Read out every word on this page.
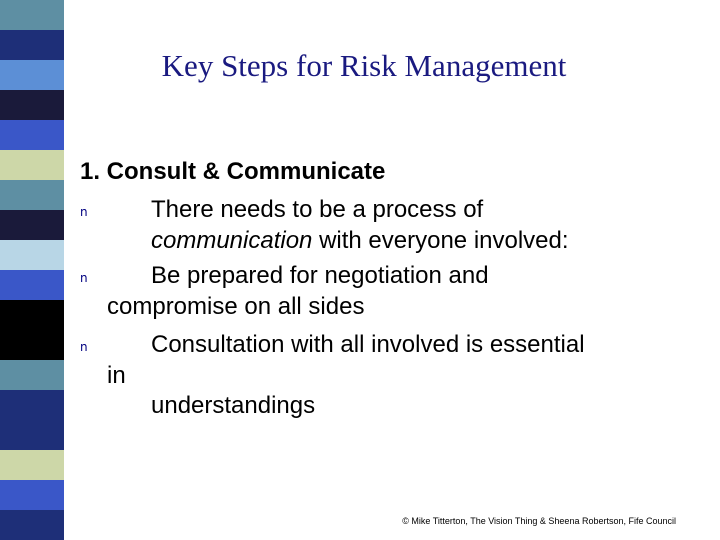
Key Steps for Risk Management
1. Consult & Communicate
n	There needs to be a process of
communication with everyone involved:
n	Be prepared for negotiation and
compromise on all sides
n	Consultation with all involved is essential
in
understandings
© Mike Titterton, The Vision Thing & Sheena Robertson, Fife Council
